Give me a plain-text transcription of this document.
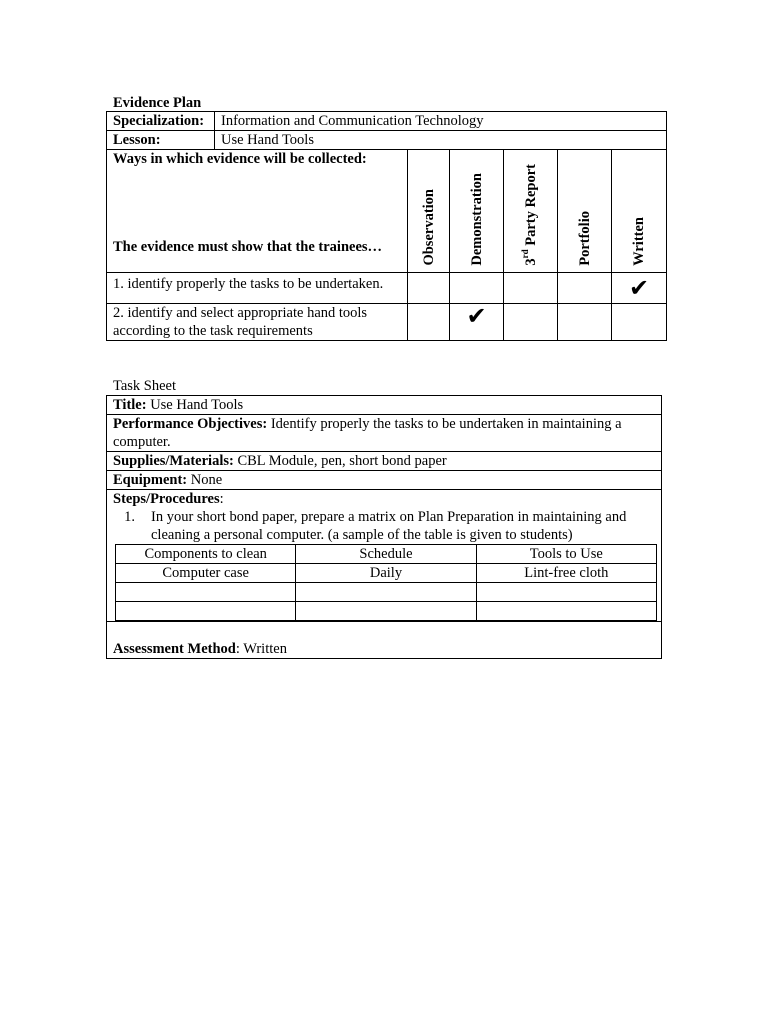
Evidence Plan
Specialization:	Information and Communication Technology					
Lesson:	Use Hand Tools					

Ways in which evidence will be collected:
The evidence must show that the trainees…		Observation	Demonstration	3rd Party Report	Portfolio	Written

1. identify properly the tasks to be undertaken.						✔
2. identify and select appropriate hand tools according to the task requirements			✔			
Task Sheet
Title: Use Hand Tools
Performance Objectives: Identify properly the tasks to be undertaken in maintaining a computer.
Supplies/Materials: CBL Module, pen, short bond paper
Equipment: None

Steps/Procedures:
1. In your short bond paper, prepare a matrix on Plan Preparation in maintaining and cleaning a personal computer. (a sample of the table is given to students)
Components to clean	Schedule	Tools to Use
Computer case	Daily	Lint-free cloth

Assessment Method: Written
